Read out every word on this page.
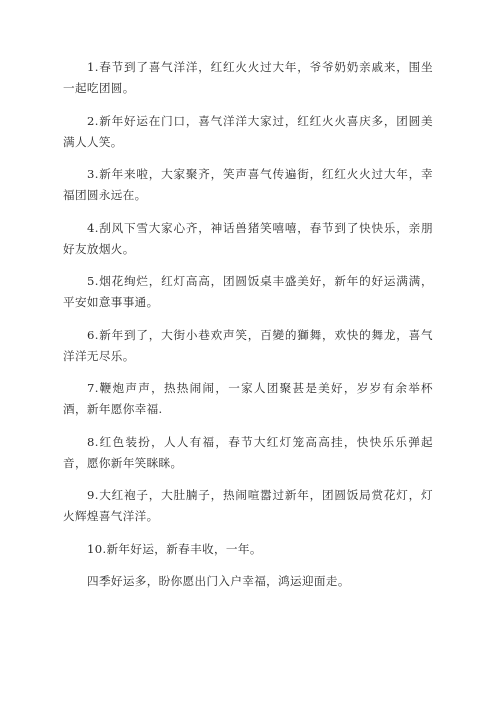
1.春节到了喜气洋洋，红红火火过大年，爷爷奶奶亲戚来，围坐一起吃团圆。

2.新年好运在门口，喜气洋洋大家过，红红火火喜庆多，团圆美满人人笑。

3.新年来啦，大家聚齐，笑声喜气传遍街，红红火火过大年，幸福团圆永远在。

4.刮风下雪大家心齐，神话兽猪笑嘻嘻，春节到了快快乐，亲朋好友放烟火。

5.烟花绚烂，红灯高高，团圆饭桌丰盛美好，新年的好运满满，平安如意事事通。

6.新年到了，大街小巷欢声笑，百變的獅舞，欢快的舞龙，喜气洋洋无尽乐。

7.鞭炮声声，热热闹闹，一家人团聚甚是美好，岁岁有余举杯酒，新年愿你幸福.

8.红色装扮，人人有福，春节大红灯笼高高挂，快快乐乐弹起音，愿你新年笑眯眯。

9.大红袍子，大肚腩子，热闹喧嚣过新年，团圆饭局赏花灯，灯火辉煌喜气洋洋。

10.新年好运，新春丰收，一年。

四季好运多，盼你愿出门入户幸福，鸿运迎面走。
